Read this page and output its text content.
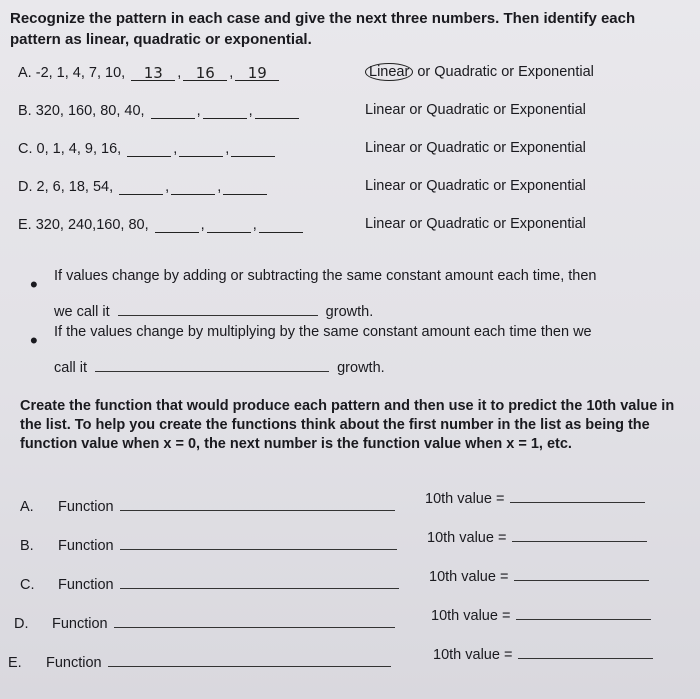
Recognize the pattern in each case and give the next three numbers. Then identify each pattern as linear, quadratic or exponential.
A. -2, 1, 4, 7, 10, 13 , 16 , 19	Linear or Quadratic or Exponential
B. 320, 160, 80, 40,	,	,	Linear or Quadratic or Exponential
C. 0, 1, 4, 9, 16,	,	,	Linear or Quadratic or Exponential
D. 2, 6, 18, 54,	,	,	Linear or Quadratic or Exponential
E. 320, 240,160, 80,	,	,	Linear or Quadratic or Exponential
• If values change by adding or subtracting the same constant amount each time, then
we call it	growth.
• If the values change by multiplying by the same constant amount each time then we
call it	growth.
Create the function that would produce each pattern and then use it to predict the 10th value in the list. To help you create the functions think about the first number in the list as being the function value when x = 0, the next number is the function value when x = 1, etc.
A. Function	10th value =
B. Function	10th value =
C. Function	10th value =
D. Function	10th value =
E. Function	10th value =
